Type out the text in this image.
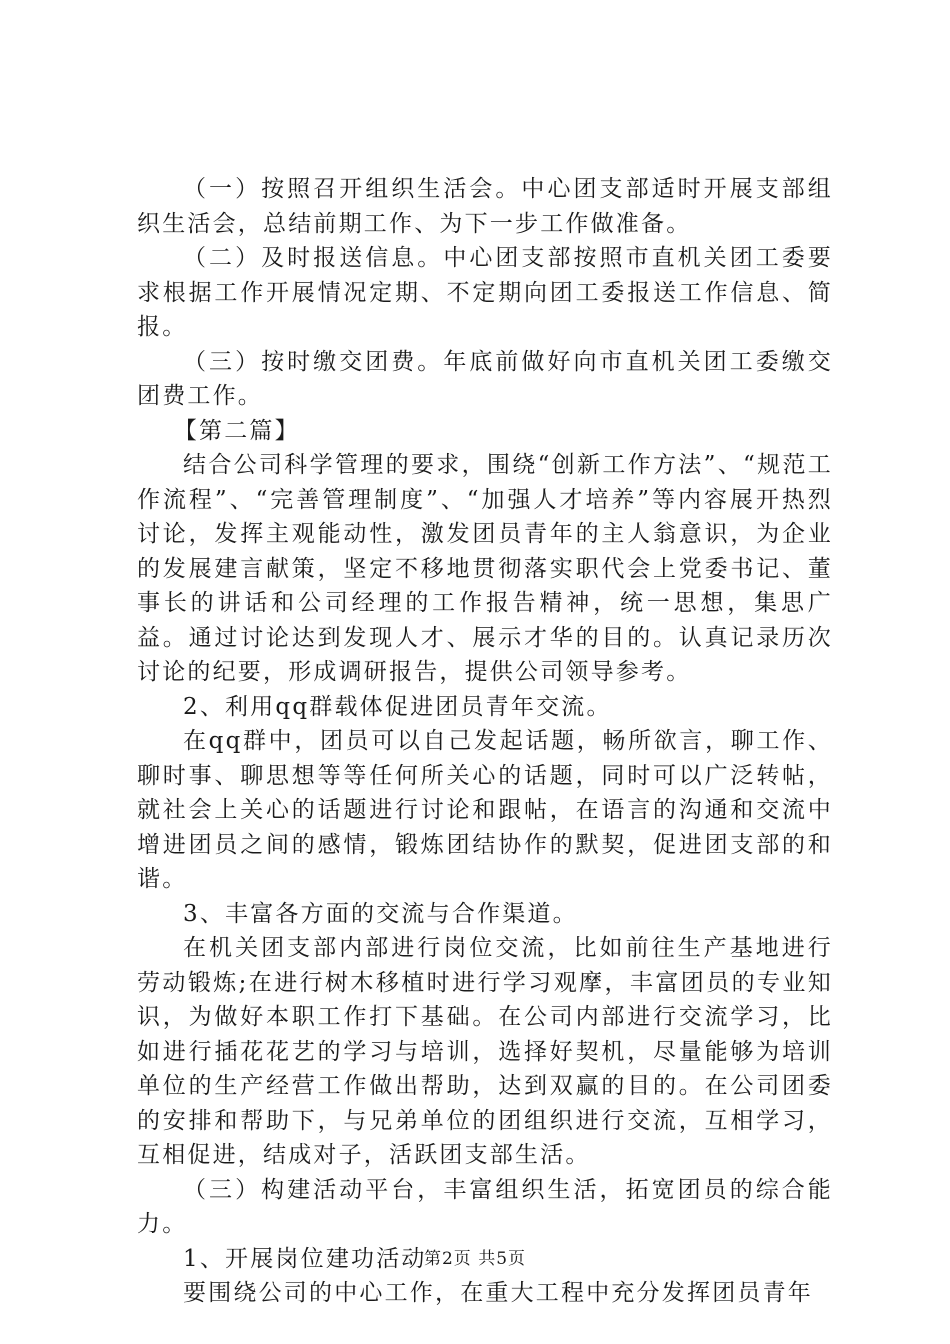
（一）按照召开组织生活会。中心团支部适时开展支部组织生活会，总结前期工作、为下一步工作做准备。

（二）及时报送信息。中心团支部按照市直机关团工委要求根据工作开展情况定期、不定期向团工委报送工作信息、简报。

（三）按时缴交团费。年底前做好向市直机关团工委缴交团费工作。

【第二篇】

结合公司科学管理的要求，围绕“创新工作方法”、“规范工作流程”、“完善管理制度”、“加强人才培养”等内容展开热烈讨论，发挥主观能动性，激发团员青年的主人翁意识，为企业的发展建言献策，坚定不移地贯彻落实职代会上党委书记、董事长的讲话和公司经理的工作报告精神，统一思想，集思广益。通过讨论达到发现人才、展示才华的目的。认真记录历次讨论的纪要，形成调研报告，提供公司领导参考。

2、利用qq群载体促进团员青年交流。

在qq群中，团员可以自己发起话题，畅所欲言，聊工作、聊时事、聊思想等等任何所关心的话题，同时可以广泛转帖，就社会上关心的话题进行讨论和跟帖，在语言的沟通和交流中增进团员之间的感情，锻炼团结协作的默契，促进团支部的和谐。

3、丰富各方面的交流与合作渠道。

在机关团支部内部进行岗位交流，比如前往生产基地进行劳动锻炼;在进行树木移植时进行学习观摩，丰富团员的专业知识，为做好本职工作打下基础。在公司内部进行交流学习，比如进行插花花艺的学习与培训，选择好契机，尽量能够为培训单位的生产经营工作做出帮助，达到双赢的目的。在公司团委的安排和帮助下，与兄弟单位的团组织进行交流，互相学习，互相促进，结成对子，活跃团支部生活。

（三）构建活动平台，丰富组织生活，拓宽团员的综合能力。

1、开展岗位建功活动

要围绕公司的中心工作，在重大工程中充分发挥团员青年

第2页 共5页
